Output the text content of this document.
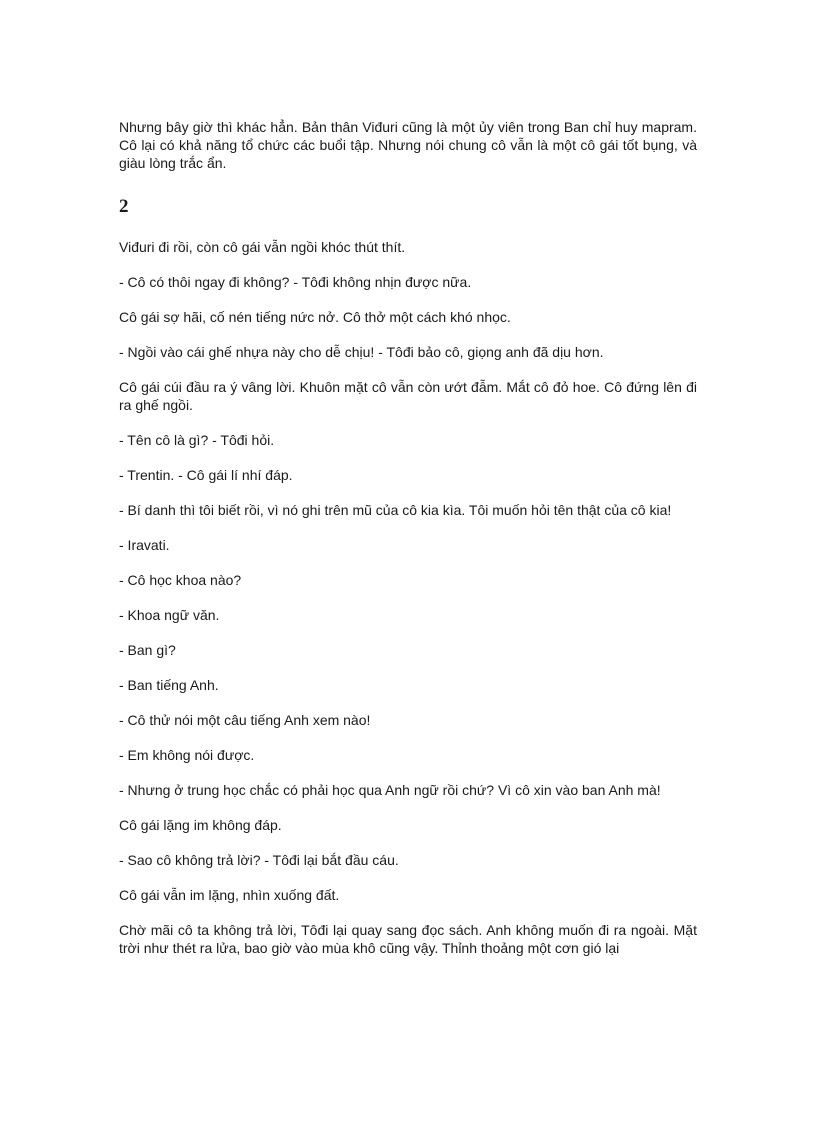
Nhưng bây giờ thì khác hẳn. Bản thân Viđuri cũng là một ủy viên trong Ban chỉ huy mapram. Cô lại có khả năng tổ chức các buổi tập. Nhưng nói chung cô vẫn là một cô gái tốt bụng, và giàu lòng trắc ẩn.

2

Viđuri đi rồi, còn cô gái vẫn ngồi khóc thút thít.

- Cô có thôi ngay đi không? - Tôđi không nhịn được nữa.

Cô gái sợ hãi, cố nén tiếng nức nở. Cô thở một cách khó nhọc.

- Ngồi vào cái ghế nhựa này cho dễ chịu! - Tôđi bảo cô, giọng anh đã dịu hơn.

Cô gái cúi đầu ra ý vâng lời. Khuôn mặt cô vẫn còn ướt đẫm. Mắt cô đỏ hoe. Cô đứng lên đi ra ghế ngồi.

- Tên cô là gì? - Tôđi hỏi.

- Trentin. - Cô gái lí nhí đáp.

- Bí danh thì tôi biết rồi, vì nó ghi trên mũ của cô kia kìa. Tôi muốn hỏi tên thật của cô kia!

- Iravati.

- Cô học khoa nào?

- Khoa ngữ văn.

- Ban gì?

- Ban tiếng Anh.

- Cô thử nói một câu tiếng Anh xem nào!

- Em không nói được.

- Nhưng ở trung học chắc có phải học qua Anh ngữ rồi chứ? Vì cô xin vào ban Anh mà!

Cô gái lặng im không đáp.

- Sao cô không trả lời? - Tôđi lại bắt đầu cáu.

Cô gái vẫn im lặng, nhìn xuống đất.

Chờ mãi cô ta không trả lời, Tôđi lại quay sang đọc sách. Anh không muốn đi ra ngoài. Mặt trời như thét ra lửa, bao giờ vào mùa khô cũng vậy. Thỉnh thoảng một cơn gió lại
